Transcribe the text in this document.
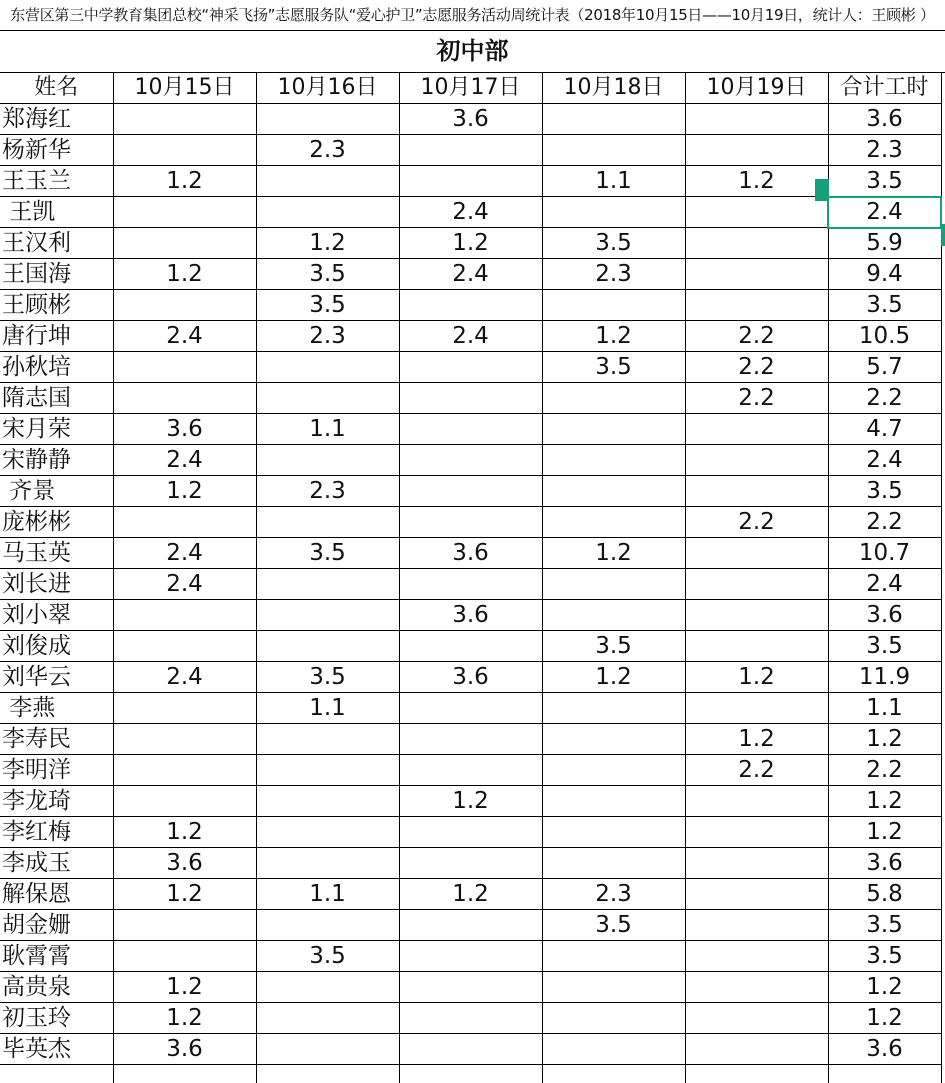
东营区第三中学教育集团总校“神采飞扬”志愿服务队“爱心护卫”志愿服务活动周统计表（2018年10月15日——10月19日，统计人：王顾彬 ）
初中部
姓名	10月15日	10月16日	10月17日	10月18日	10月19日	合计工时
郑海红			3.6			3.6
杨新华		2.3				2.3
王玉兰	1.2			1.1	1.2	3.5
王凯			2.4			2.4
王汉利		1.2	1.2	3.5		5.9
王国海	1.2	3.5	2.4	2.3		9.4
王顾彬		3.5				3.5
唐行坤	2.4	2.3	2.4	1.2	2.2	10.5
孙秋培				3.5	2.2	5.7
隋志国					2.2	2.2
宋月荣	3.6	1.1				4.7
宋静静	2.4					2.4
齐景	1.2	2.3				3.5
庞彬彬					2.2	2.2
马玉英	2.4	3.5	3.6	1.2		10.7
刘长进	2.4					2.4
刘小翠			3.6			3.6
刘俊成				3.5		3.5
刘华云	2.4	3.5	3.6	1.2	1.2	11.9
李燕		1.1				1.1
李寿民					1.2	1.2
李明洋					2.2	2.2
李龙琦			1.2			1.2
李红梅	1.2					1.2
李成玉	3.6					3.6
解保恩	1.2	1.1	1.2	2.3		5.8
胡金姗				3.5		3.5
耿霄霄		3.5				3.5
高贵泉	1.2					1.2
初玉玲	1.2					1.2
毕英杰	3.6					3.6
